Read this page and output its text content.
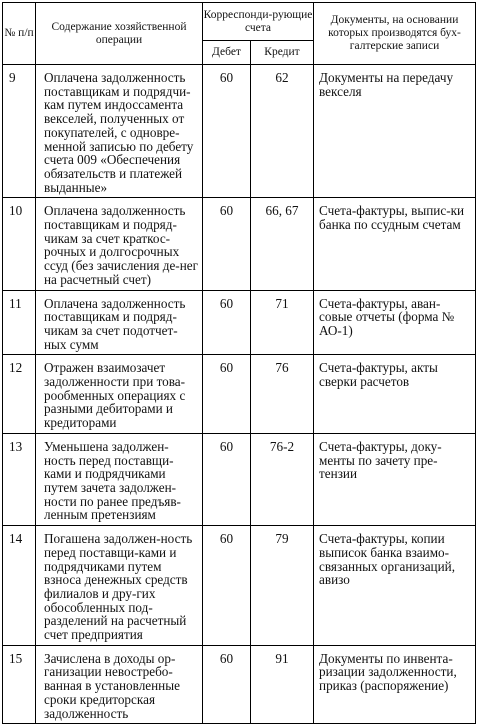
№ п/п	Содержание хозяйственной операции	Корреспонди-рующие счета		Документы, на основании которых производятся бух-галтерские записи
		Дебет	Кредит	
9	Оплачена задолженность поставщикам и подрядчи-кам путем индоссамента векселей, полученных от покупателей, с одновре-менной записью по дебету счета 009 «Обеспечения обязательств и платежей выданные»	60	62	Документы на передачу векселя
10	Оплачена задолженность поставщикам и подряд-чикам за счет краткос-рочных и долгосрочных ссуд (без зачисления де-нег на расчетный счет)	60	66, 67	Счета-фактуры, выпис-ки банка по ссудным счетам
11	Оплачена задолженность поставщикам и подряд-чикам за счет подотчет-ных сумм	60	71	Счета-фактуры, аван-совые отчеты (форма № АО-1)
12	Отражен взаимозачет задолженности при това-рообменных операциях с разными дебиторами и кредиторами	60	76	Счета-фактуры, акты сверки расчетов
13	Уменьшена задолжен-ность перед поставщи-ками и подрядчиками путем зачета задолжен-ности по ранее предъяв-ленным претензиям	60	76-2	Счета-фактуры, доку-менты по зачету пре-тензии
14	Погашена задолжен-ность перед поставщи-ками и подрядчиками путем взноса денежных средств филиалов и дру-гих обособленных под-разделений на расчетный счет предприятия	60	79	Счета-фактуры, копии выписок банка взаимо-связанных организаций, авизо
15	Зачислена в доходы ор-ганизации невостребо-ванная в установленные сроки кредиторская задолженность	60	91	Документы по инвента-ризации задолженности, приказ (распоряжение)
